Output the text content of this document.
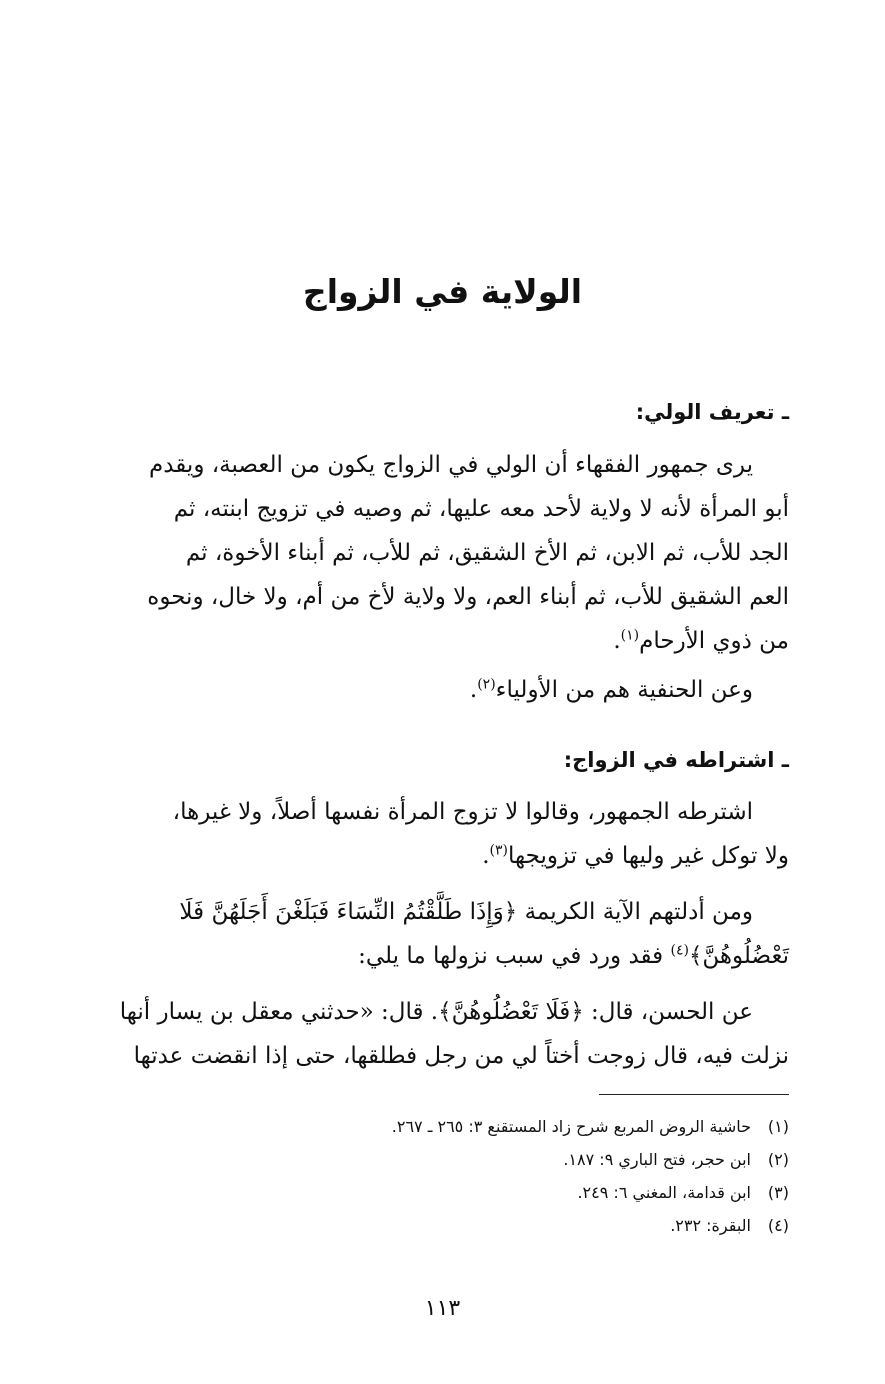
الولاية في الزواج
ـ تعريف الولي:

يرى جمهور الفقهاء أن الولي في الزواج يكون من العصبة، ويقدم
أبو المرأة لأنه لا ولاية لأحد معه عليها، ثم وصيه في تزويج ابنته، ثم
الجد للأب، ثم الابن، ثم الأخ الشقيق، ثم للأب، ثم أبناء الأخوة، ثم
العم الشقيق للأب، ثم أبناء العم، ولا ولاية لأخ من أم، ولا خال، ونحوه
من ذوي الأرحام$^{(١)}$.

وعن الحنفية هم من الأولياء$^{(٢)}$.

ـ اشتراطه في الزواج:

اشترطه الجمهور، وقالوا لا تزوج المرأة نفسها أصلاً، ولا غيرها،
ولا توكل غير وليها في تزويجها$^{(٣)}$.

ومن أدلتهم الآية الكريمة ﴿وَإِذَا طَلَّقْتُمُ النِّسَاءَ فَبَلَغْنَ أَجَلَهُنَّ فَلَا
تَعْضُلُوهُنَّ﴾$^{(٤)}$ فقد ورد في سبب نزولها ما يلي:

عن الحسن، قال: ﴿فَلَا تَعْضُلُوهُنَّ﴾. قال: «حدثني معقل بن يسار أنها
نزلت فيه، قال زوجت أختاً لي من رجل فطلقها، حتى إذا انقضت عدتها

(١)حاشية الروض المربع شرح زاد المستقنع ٣: ٢٦٥ ـ ٢٦٧.
(٢)ابن حجر، فتح الباري ٩: ١٨٧.
(٣)ابن قدامة، المغني ٦: ٢٤٩.
(٤)البقرة: ٢٣٢.
١١٣
